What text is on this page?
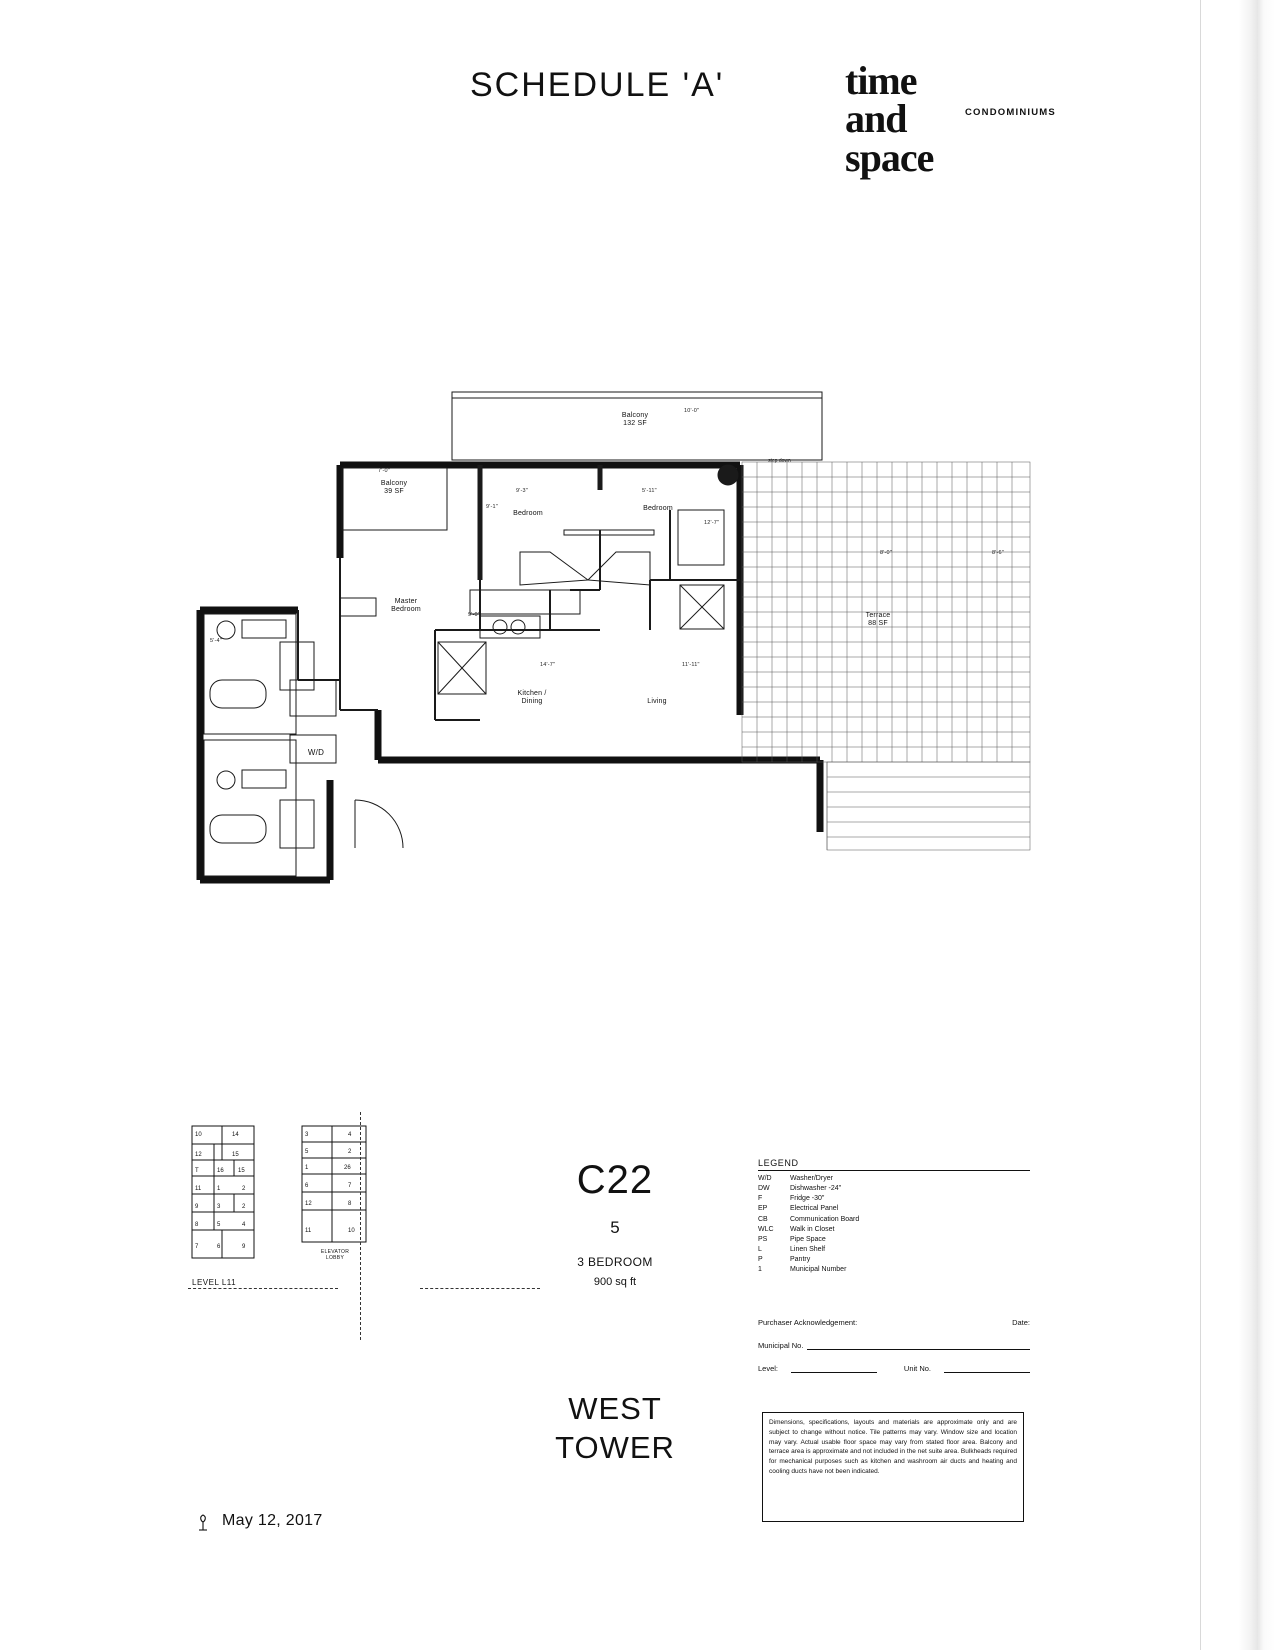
SCHEDULE 'A'	time
and
space
CONDOMINIUMS
Balcony
132 SF
Balcony
39 SF
Bedroom
Bedroom
Master
Bedroom
Kitchen /
Dining	Living
Terrace
88 SF
W/D
step down
7'-0"
9'-3"	5'-11"
10'-0"
14'-7"	11'-11"
9'-1"
12'-7"
8'-0"
5'-4"
8'-6"
9'-0"
10	14
12	15
T	16 15
11	1	2
9	3	2
8	5	4
7	6	9
LEVEL L11
3	4
5	2
1	26
6	7
12	8
11	10
ELEVATOR
LOBBY
C22
5
3 BEDROOM
900 sq ft
WEST
TOWER
LEGEND
W/D	Washer/Dryer
DW	Dishwasher -24"
F	Fridge -30"
EP	Electrical Panel
CB	Communication Board
WLC	Walk in Closet
PS	Pipe Space
L	Linen Shelf
P	Pantry
1	Municipal Number
Purchaser Acknowledgement:	Date:
Municipal No.
Level:	Unit No.
Dimensions, specifications, layouts and materials are approximate only and are subject to change without notice. Tile patterns may vary. Window size and location may vary. Actual usable floor space may vary from stated floor area. Balcony and terrace area is approximate and not included in the net suite area. Bulkheads required for mechanical purposes such as kitchen and washroom air ducts and heating and cooling ducts have not been indicated.
May 12, 2017
